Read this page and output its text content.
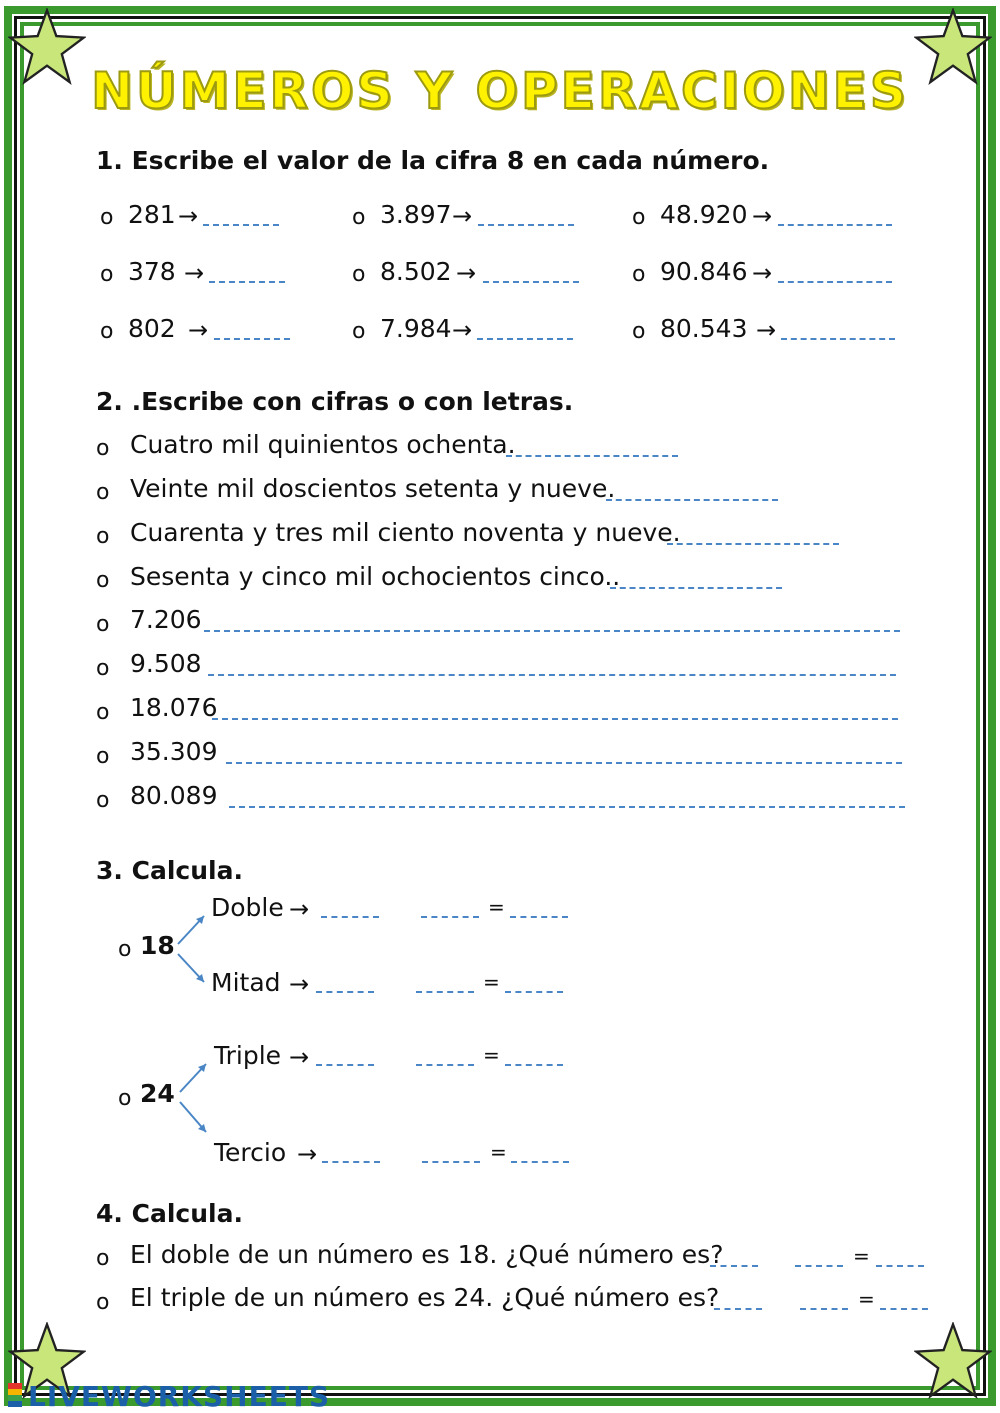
NÚMEROS Y OPERACIONES
1. Escribe el valor de la cifra 8 en cada número.
o 281 →	o 3.897 →	o 48.920 →
o 378 →	o 8.502 →	o 90.846 →
o 802 →	o 7.984 →	o 80.543 →
2. .Escribe con cifras o con letras.
o Cuatro mil quinientos ochenta.
o Veinte mil doscientos setenta y nueve.
o Cuarenta y tres mil ciento noventa y nueve.
o Sesenta y cinco mil ochocientos cinco..
o 7.206
o 9.508
o 18.076
o 35.309
o 80.089
3. Calcula.
o 18
Doble →	=
Mitad →	=
o 24
Triple →	=
Tercio →	=
4. Calcula.
o El doble de un número es 18. ¿Qué número es?	=
o El triple de un número es 24. ¿Qué número es?	=
LIVEWORKSHEETS
